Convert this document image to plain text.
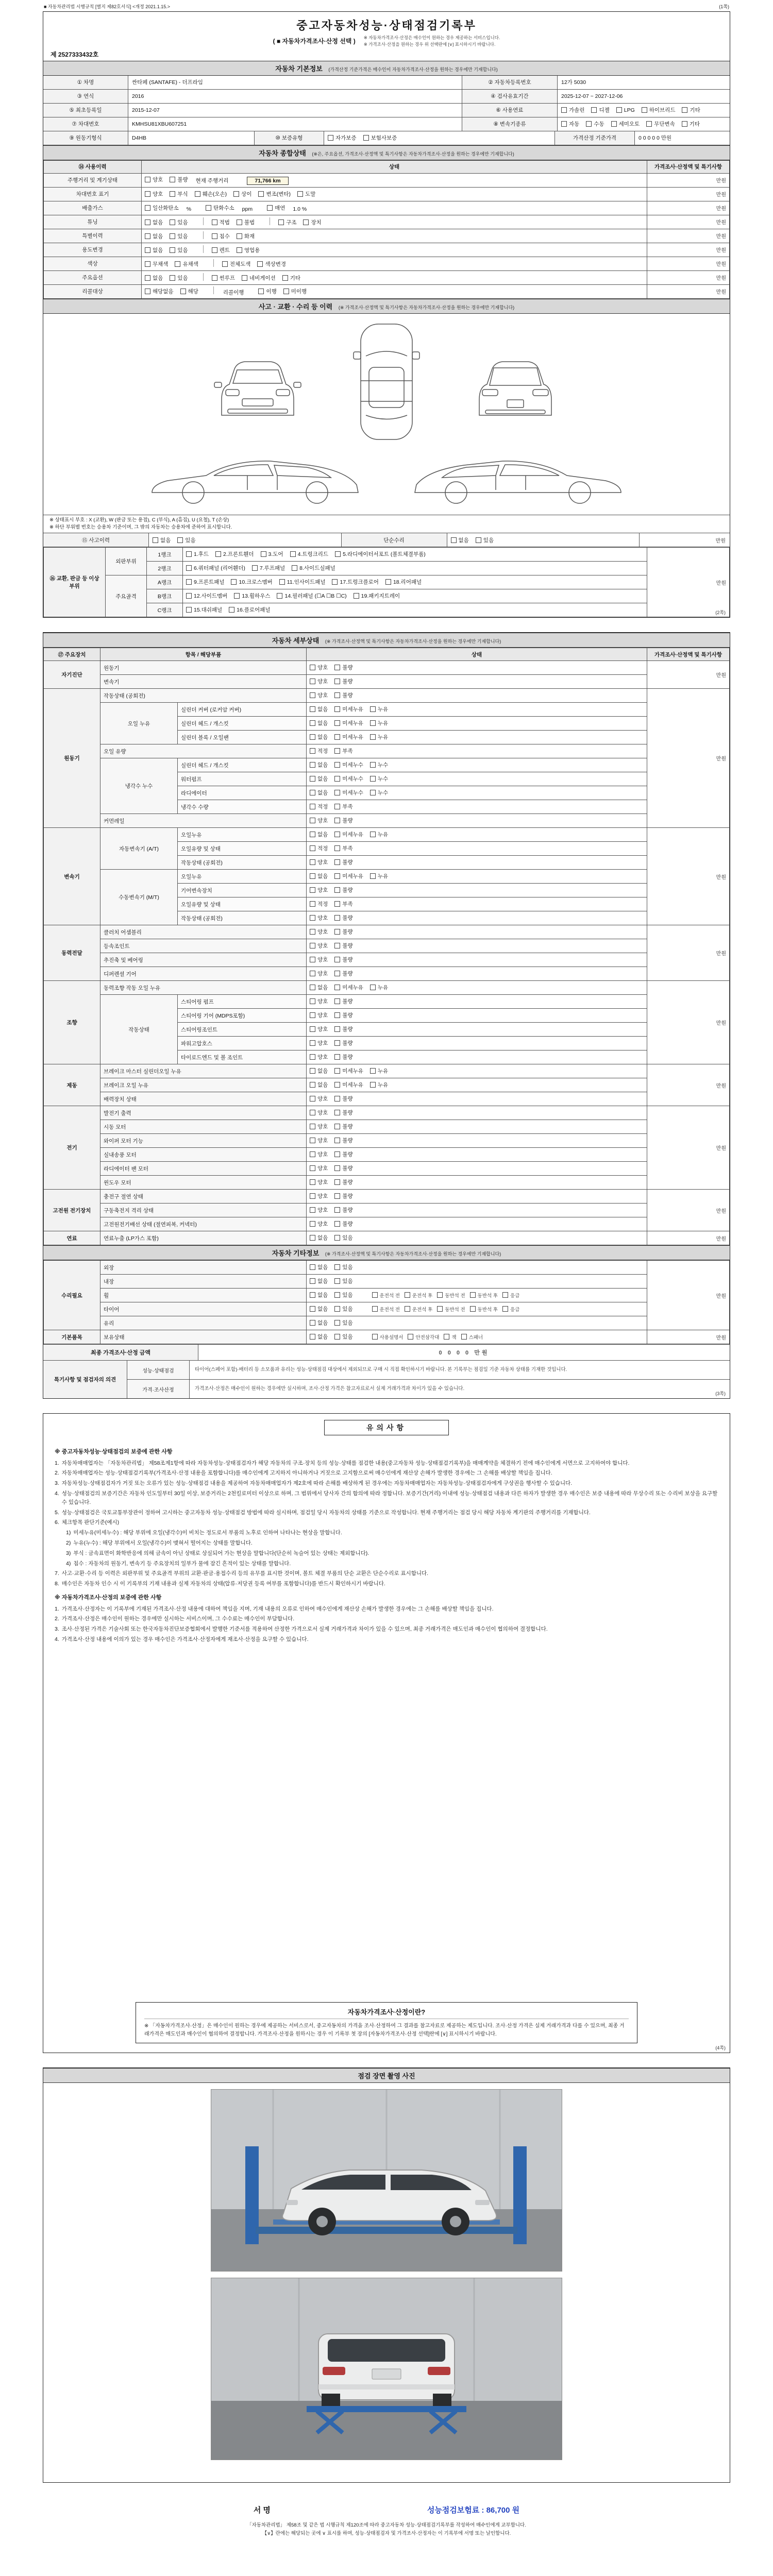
■ 자동차관리법 시행규칙 [별지 제82호서식] <개정 2021.1.15.>	(1쪽)
중고자동차성능·상태점검기록부
( ■ 자동차가격조사·산정 선택 )
※ 자동차가격조사·산정은 매수인이 원하는 경우 제공하는 서비스입니다.
※ 가격조사·산정을 원하는 경우 위 선택란에 [∨] 표시하시기 바랍니다.
제 2527333432호
자동차 기본정보 (가격산정 기준가격은 매수인이 자동차가격조사·산정을 원하는 경우에만 기재합니다)
① 차명	싼타페 (SANTAFE) - 더프라임	② 자동차등록번호	12가 5030
③ 연식	2016	④ 검사유효기간	2025-12-07 ~ 2027-12-06
⑤ 최초등록일	2015-12-07	⑥ 사용연료	가솔린	디젤	LPG	하이브리드	기타
⑦ 차대번호	KMHSU81XBU607251	⑧ 변속기종류	자동	수동	세미오토	무단변속	기타
⑨ 원동기형식	D4HB	⑩ 보증유형	자가보증	보험사보증	가격산정 기준가격	0 0 0 0 0 만원
자동차 종합상태 (※은, 주요옵션, 가격조사·산정액 및 특기사항은 자동차가격조사·산정을 원하는 경우에만 기재합니다)
⑭ 사용이력	상태	가격조사·산정액 및 특기사항
주행거리 및 계기상태	양호 불량 현재 주행거리 71,766 km	만원
차대번호 표기	양호	부식	훼손(오손)	상이	변조(변타)	도말	만원
배출가스	일산화탄소 %	탄화수소 ppm	매연 1.0 %	만원
튜닝	없음	있음	적법	불법	구조	장치	만원
특별이력	없음 있음 침수 화재	만원
용도변경	없음 있음 렌트 영업용	만원
색상	무채색 유채색 전체도색 색상변경	만원
주요옵션	없음 있음 썬루프 네비게이션 기타	만원
리콜대상	해당없음 해당 리콜이행 이행 미이행	만원
사고 · 교환 · 수리 등 이력 (※ 가격조사·산정액 및 특기사항은 자동차가격조사·산정을 원하는 경우에만 기재합니다)
※ 상태표시 부호 : X (교환), W (판금 또는 용접), C (부식), A (흠집), U (요철), T (손상)
※ 하단 부위별 번호는 승용차 기준이며, 그 밖의 자동차는 승용차에 준하여 표시합니다.
⑮ 사고이력	없음	있음	단순수리	없음	있음	만원
⑯ 교환, 판금 등 이상 부위	외판부위	1랭크	1.후드 2.프론트휀더 3.도어 4.트렁크리드 5.라디에이터서포트 (볼트체결부품)	만원
		2랭크	6.쿼터패널 (리어휀더) 7.루프패널 8.사이드실패널	

	주요골격	A랭크	9.프론트패널 10.크로스멤버 11.인사이드패널 17.트렁크플로어 18.리어패널	

		B랭크	12.사이드멤버 13.휠하우스 14.필러패널 (☐A ☐B ☐C) 19.패키지트레이	

		C랭크	15.대쉬패널 16.플로어패널		(2쪽)
자동차 세부상태 (※ 가격조사·산정액 및 특기사항은 자동차가격조사·산정을 원하는 경우에만 기재합니다)
⑰ 주요장치	항목 / 해당부품		상태	가격조사·산정액 및 특기사항
자기진단	원동기		양호 불량	만원
	변속기		양호 불량	

원동기	작동상태 (공회전)		양호 불량	만원
	오일 누유	실린더 커버 (로커암 커버)	없음 미세누유 누유	

		실린더 헤드 / 개스킷	없음 미세누유 누유	

		실린더 블록 / 오일팬	없음 미세누유 누유	

	오일 유량		적정 부족	

	냉각수 누수	실린더 헤드 / 개스킷	없음 미세누수 누수	

		워터펌프	없음 미세누수 누수	

		라디에이터	없음 미세누수 누수	

		냉각수 수량	적정 부족	

	커먼레일		양호 불량	

변속기	자동변속기 (A/T)	오일누유	없음 미세누유 누유	만원
		오일유량 및 상태	적정 부족	

		작동상태 (공회전)	양호 불량	

	수동변속기 (M/T)	오일누유	없음 미세누유 누유	

		기어변속장치	양호 불량	

		오일유량 및 상태	적정 부족	

		작동상태 (공회전)	양호 불량	

동력전달	클러치 어셈블리		양호 불량	만원
	등속조인트		양호 불량	

	추진축 및 베어링		양호 불량	

	디퍼렌셜 기어		양호 불량	

조향	동력조향 작동 오일 누유		없음 미세누유 누유	만원
	작동상태	스티어링 펌프	양호 불량	

		스티어링 기어 (MDPS포함)	양호 불량	

		스티어링조인트	양호 불량	

		파워고압호스	양호 불량	

		타이로드엔드 및 볼 조인트	양호 불량	

제동	브레이크 마스터 실린더오일 누유		없음 미세누유 누유	만원
	브레이크 오일 누유		없음 미세누유 누유	

	배력장치 상태		양호 불량	

전기	발전기 출력		양호 불량	만원
	시동 모터		양호 불량	

	와이퍼 모터 기능		양호 불량	

	실내송풍 모터		양호 불량	

	라디에이터 팬 모터		양호 불량	

	윈도우 모터		양호 불량	

고전원 전기장치	충전구 절연 상태		양호 불량	만원
	구동축전지 격리 상태		양호 불량	

	고전원전기배선 상태 (절연피복, 커넥터)		양호 불량	

연료	연료누출 (LP가스 포함)		없음 있음	만원
자동차 기타정보 (※ 가격조사·산정액 및 특기사항은 자동차가격조사·산정을 원하는 경우에만 기재합니다)
수리필요	외장	없음 있음	만원
	내장	없음 있음	

휠	없음	있음	운전석 전	운전석 후	동반석 전	동반석 후	응급

타이어	없음	있음	운전석 전	운전석 후	동반석 전	동반석 후	응급

	유리	없음 있음	

기본품목	보유상태	없음	있음	사용설명서	안전삼각대	잭	스패너	만원
최종 가격조사·산정 금액	0 0 0 0 만원
특기사항 및 점검자의 의견
성능·상태점검	타이어(스페어 포함)·배터리 등 소모품과 유리는 성능·상태점검 대상에서 제외되므로 구매 시 직접 확인하시기 바랍니다. 본 기록부는 점검일 기준 자동차 상태를 기재한 것입니다.
가격·조사산정	가격조사·산정은 매수인이 원하는 경우에만 실시하며, 조사·산정 가격은 참고자료로서 실제 거래가격과 차이가 있을 수 있습니다.
(3쪽)
유의사항
※ 중고자동차성능·상태점검의 보증에 관한 사항
1. 자동차매매업자는 「자동차관리법」 제58조제1항에 따라 자동차성능·상태점검자가 해당 자동차의 구조·장치 등의 성능·상태를 점검한 내용(중고자동차 성능·상태점검기록부)을 매매계약을 체결하기 전에 매수인에게 서면으로 고지하여야 합니다.
2. 자동차매매업자는 성능·상태점검기록부(가격조사·산정 내용을 포함합니다)를 매수인에게 고지하지 아니하거나 거짓으로 고지함으로써 매수인에게 재산상 손해가 발생한 경우에는 그 손해를 배상할 책임을 집니다.
3. 자동차성능·상태점검자가 거짓 또는 오류가 있는 성능·상태점검 내용을 제공하여 자동차매매업자가 제2호에 따라 손해를 배상하게 된 경우에는 자동차매매업자는 자동차성능·상태점검자에게 구상권을 행사할 수 있습니다.
4. 성능·상태점검의 보증기간은 자동차 인도일부터 30일 이상, 보증거리는 2천킬로미터 이상으로 하며, 그 범위에서 당사자 간의 합의에 따라 정합니다. 보증기간(거리) 이내에 성능·상태점검 내용과 다른 하자가 발생한 경우 매수인은 보증 내용에 따라 무상수리 또는 수리비 보상을 요구할 수 있습니다.
5. 성능·상태점검은 국토교통부장관이 정하여 고시하는 중고자동차 성능·상태점검 방법에 따라 실시하며, 점검일 당시 자동차의 상태를 기준으로 작성합니다. 현재 주행거리는 점검 당시 해당 자동차 계기판의 주행거리를 기재합니다.
6. 체크항목 판단기준(예시)
1) 미세누유(미세누수) : 해당 부위에 오일(냉각수)이 비치는 정도로서 부품의 노후로 인하여 나타나는 현상을 말합니다.
2) 누유(누수) : 해당 부위에서 오일(냉각수)이 맺혀서 떨어지는 상태를 말합니다.
3) 부식 : 금속표면이 화학반응에 의해 금속이 아닌 상태로 상실되어 가는 현상을 말합니다(단순히 녹슬어 있는 상태는 제외합니다).
4) 침수 : 자동차의 원동기, 변속기 등 주요장치의 일부가 물에 잠긴 흔적이 있는 상태를 말합니다.
7. 사고·교환·수리 등 이력은 외판부위 및 주요골격 부위의 교환·판금·용접수리 등의 유무를 표시한 것이며, 볼트 체결 부품의 단순 교환은 단순수리로 표시합니다.
8. 매수인은 자동차 인수 시 이 기록부의 기재 내용과 실제 자동차의 상태(압류·저당권 등록 여부를 포함합니다)를 반드시 확인하시기 바랍니다.
※ 자동차가격조사·산정의 보증에 관한 사항
1. 가격조사·산정자는 이 기록부에 기재된 가격조사·산정 내용에 대하여 책임을 지며, 기재 내용의 오류로 인하여 매수인에게 재산상 손해가 발생한 경우에는 그 손해를 배상할 책임을 집니다.
2. 가격조사·산정은 매수인이 원하는 경우에만 실시하는 서비스이며, 그 수수료는 매수인이 부담합니다.
3. 조사·산정된 가격은 기술사회 또는 한국자동차진단보증협회에서 발행한 기준서를 적용하여 산정한 가격으로서 실제 거래가격과 차이가 있을 수 있으며, 최종 거래가격은 매도인과 매수인이 협의하여 결정합니다.
4. 가격조사·산정 내용에 이의가 있는 경우 매수인은 가격조사·산정자에게 재조사·산정을 요구할 수 있습니다.
자동차가격조사·산정이란?
※ 「자동차가격조사·산정」은 매수인이 원하는 경우에 제공하는 서비스로서, 중고자동차의 가격을 조사·산정하여 그 결과를 참고자료로 제공하는 제도입니다. 조사·산정 가격은 실제 거래가격과 다를 수 있으며, 최종 거래가격은 매도인과 매수인이 협의하여 결정합니다. 가격조사·산정을 원하시는 경우 이 기록부 첫 장의 [자동차가격조사·산정 선택]란에 [∨] 표시하시기 바랍니다.
(4쪽)
점검 장면 촬영 사진
서명	성능점검보험료 : 86,700 원
「자동차관리법」 제58조 및 같은 법 시행규칙 제120조에 따라 중고자동차 성능·상태점검기록부를 작성하여 매수인에게 교부합니다.
【∨】란에는 해당되는 곳에 ∨ 표시를 하며, 성능·상태점검자 및 가격조사·산정자는 이 기록부에 서명 또는 날인합니다.
